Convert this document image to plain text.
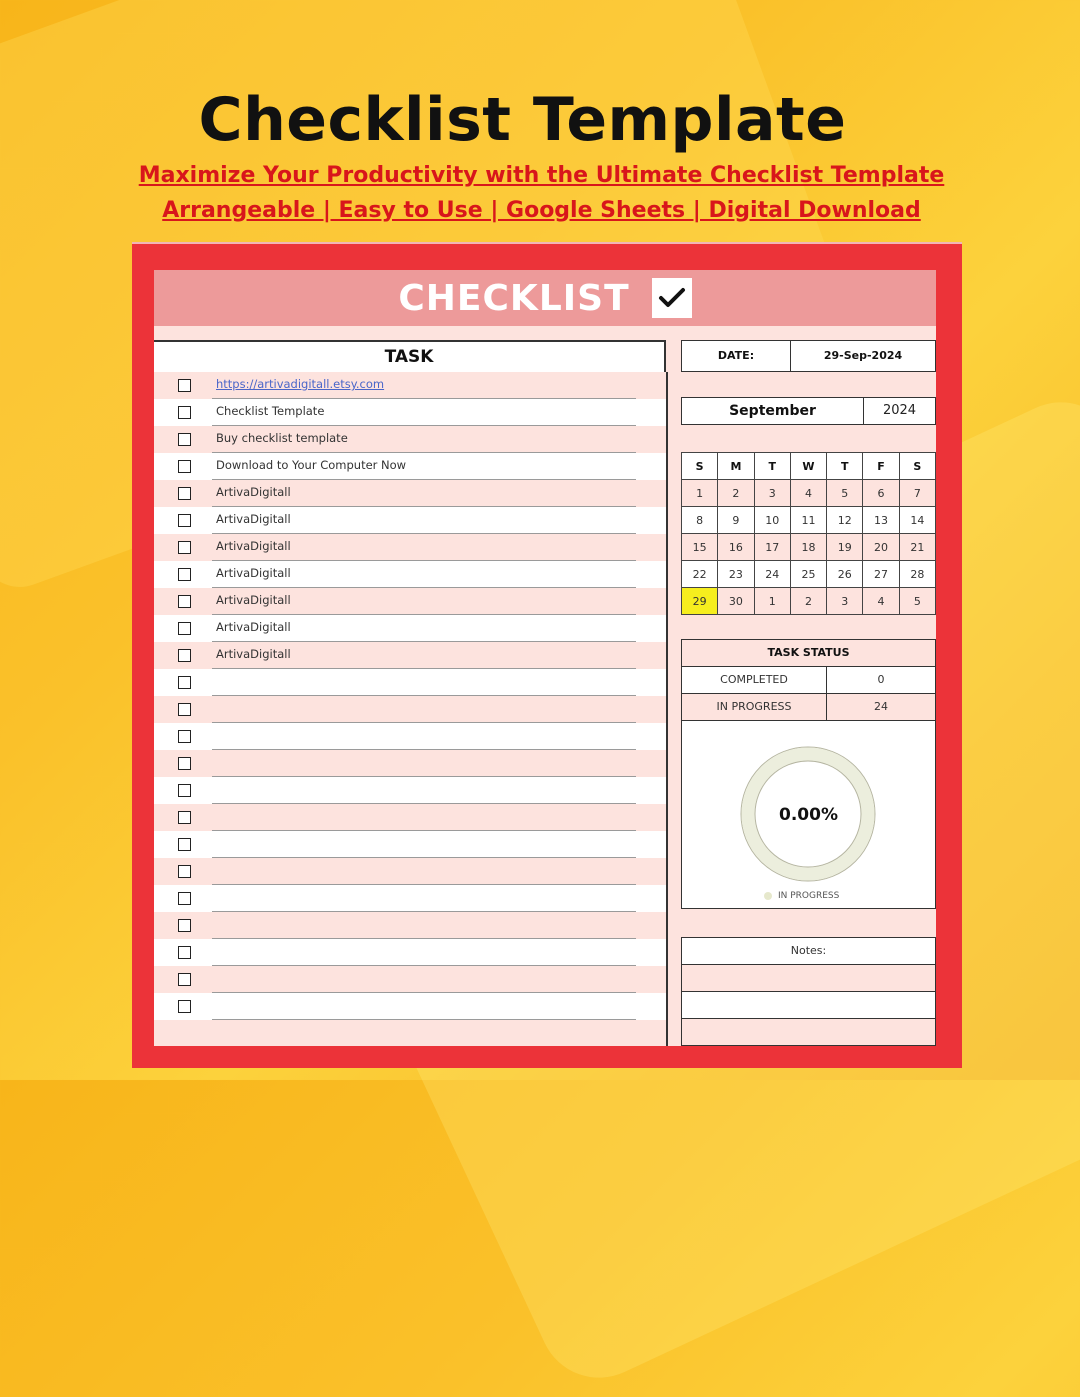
Checklist Template
Maximize Your Productivity with the Ultimate Checklist Template
Arrangeable | Easy to Use | Google Sheets | Digital Download
CHECKLIST
TASK
https://artivadigitall.etsy.com
Checklist Template
Buy checklist template
Download to Your Computer Now
ArtivaDigitall
ArtivaDigitall
ArtivaDigitall
ArtivaDigitall
ArtivaDigitall
ArtivaDigitall
ArtivaDigitall
DATE:	29-Sep-2024
September	2024
S	M	T	W	T	F	S
1	2	3	4	5	6	7
8	9	10	11	12	13	14
15	16	17	18	19	20	21
22	23	24	25	26	27	28
29	30	1	2	3	4	5
TASK STATUS
COMPLETED	0
IN PROGRESS	24
0.00%
IN PROGRESS
Notes:
